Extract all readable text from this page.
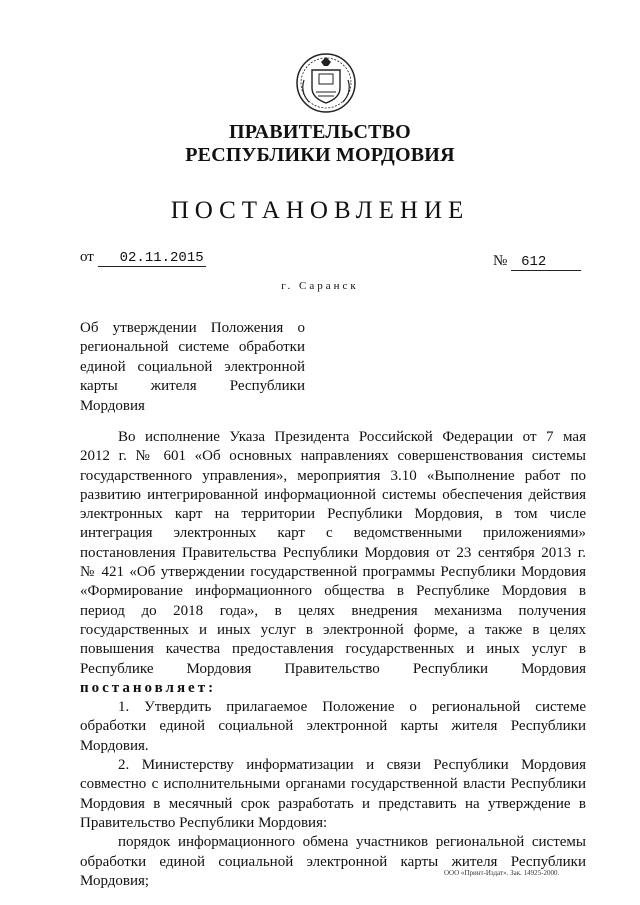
ПРАВИТЕЛЬСТВО
РЕСПУБЛИКИ МОРДОВИЯ
ПОСТАНОВЛЕНИЕ
от 02.11.2015	№ 612
г. Саранск
Об утверждении Положения о
региональной системе обработки
единой социальной электронной
карты жителя Республики
Мордовия
Во исполнение Указа Президента Российской Федерации от 7 мая
2012 г. № 601 «Об основных направлениях совершенствования системы
государственного управления», мероприятия 3.10 «Выполнение работ по
развитию интегрированной информационной системы обеспечения действия
электронных карт на территории Республики Мордовия, в том числе
интеграция электронных карт с ведомственными приложениями»
постановления Правительства Республики Мордовия от 23 сентября 2013 г.
№ 421 «Об утверждении государственной программы Республики Мордовия
«Формирование информационного общества в Республике Мордовия в
период до 2018 года», в целях внедрения механизма получения
государственных и иных услуг в электронной форме, а также в целях
повышения качества предоставления государственных и иных услуг в
Республике Мордовия Правительство Республики Мордовия
постановляет:
1. Утвердить прилагаемое Положение о региональной системе
обработки единой социальной электронной карты жителя Республики
Мордовия.
2. Министерству информатизации и связи Республики Мордовия
совместно с исполнительными органами государственной власти Республики
Мордовия в месячный срок разработать и представить на утверждение в
Правительство Республики Мордовия:
порядок информационного обмена участников региональной системы
обработки единой социальной электронной карты жителя Республики
Мордовия;	ООО «Принт-Издат». Зак. 14925-2000.
